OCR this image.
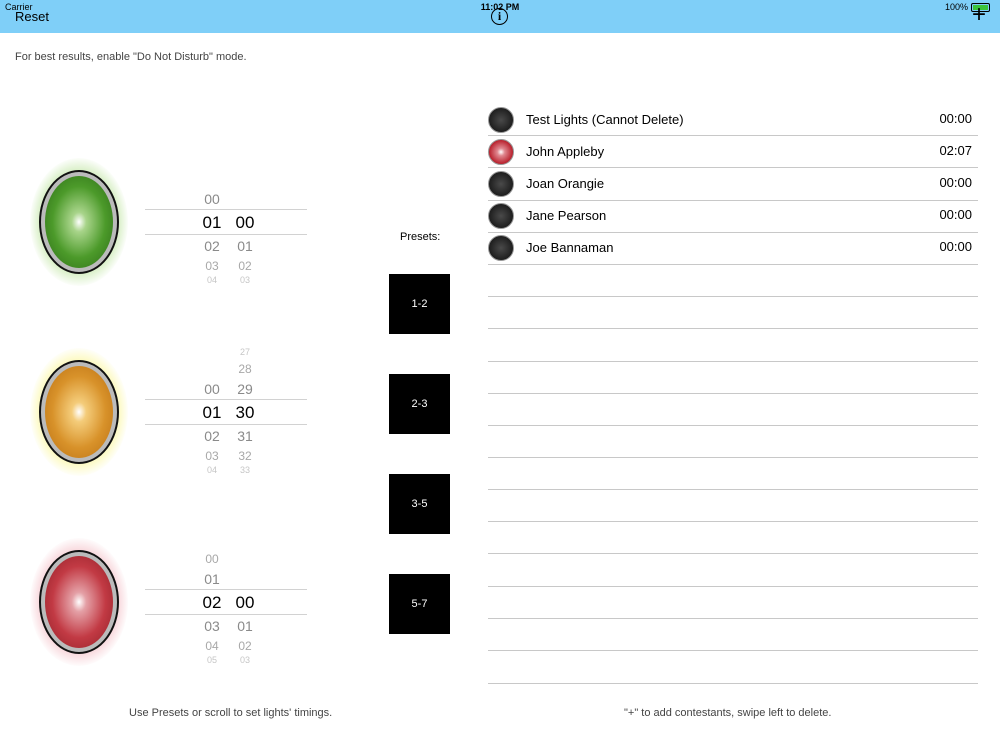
Carrier	11:02 PM	100%
Reset	i	+
For best results, enable "Do Not Disturb" mode.
00
01 00
02	01
03	02
04	03
27
28
00	29
01 30
02	31
03	32
04	33
00
01
02 00
03	01
04	02
05	03
Presets:
1-2
2-3
3-5
5-7
Test Lights (Cannot Delete)	00:00
John Appleby	02:07
Joan Orangie	00:00
Jane Pearson	00:00
Joe Bannaman	00:00
Use Presets or scroll to set lights' timings.	"+" to add contestants, swipe left to delete.
